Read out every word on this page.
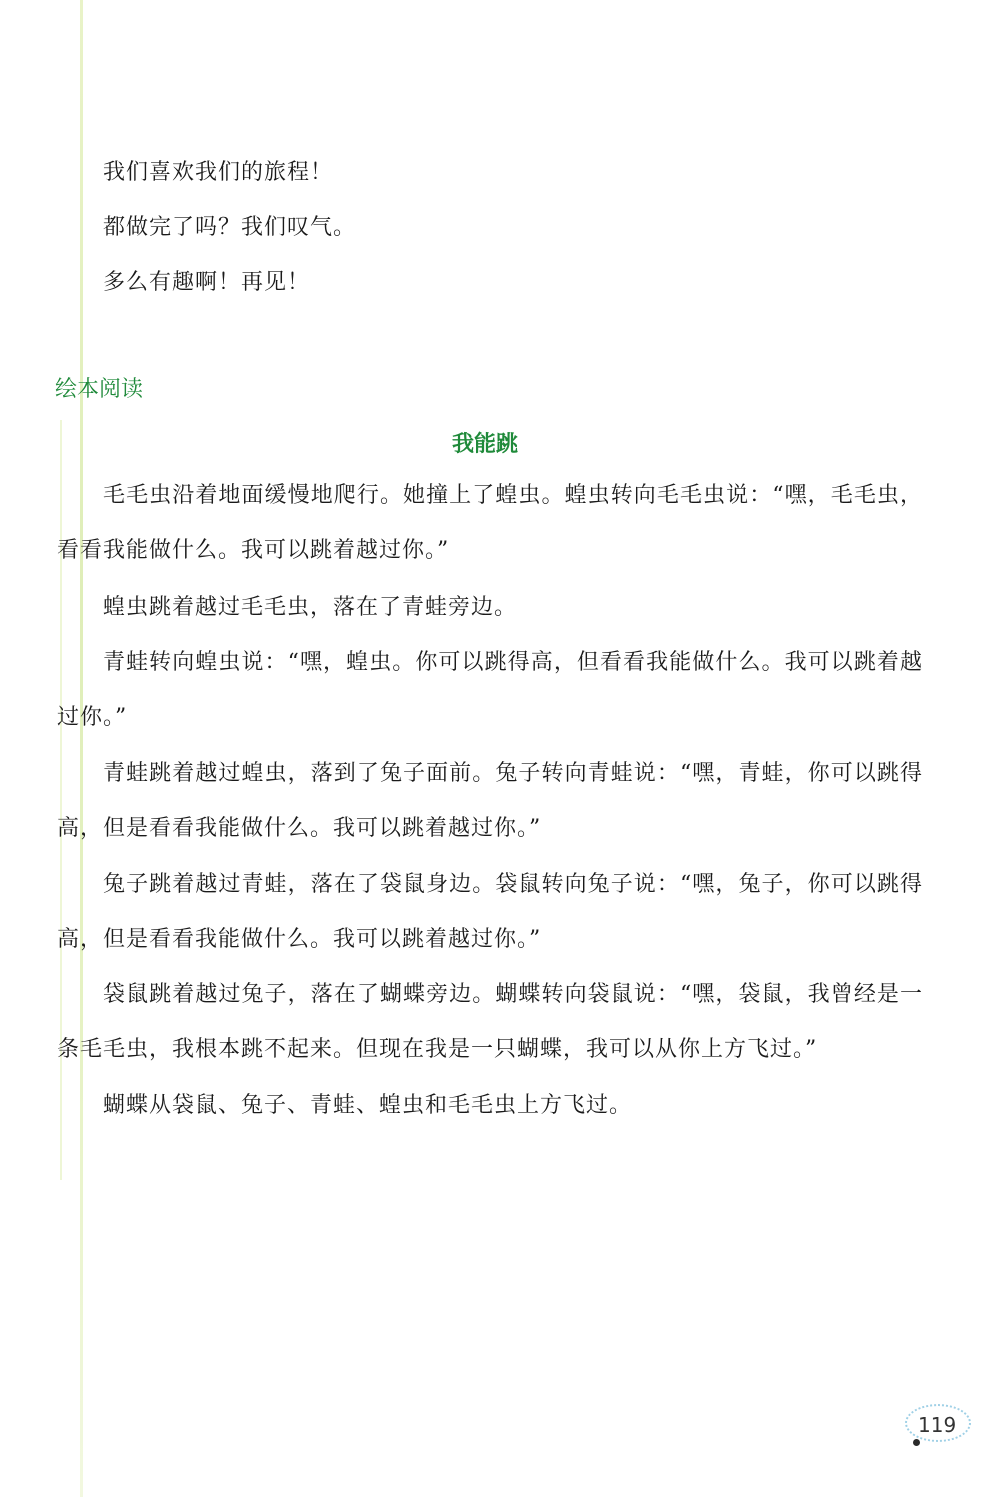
我们喜欢我们的旅程！
都做完了吗？我们叹气。
多么有趣啊！再见！
绘本阅读
我能跳

毛毛虫沿着地面缓慢地爬行。她撞上了蝗虫。蝗虫转向毛毛虫说：“嘿，毛毛虫，看看我能做什么。我可以跳着越过你。”

蝗虫跳着越过毛毛虫，落在了青蛙旁边。

青蛙转向蝗虫说：“嘿，蝗虫。你可以跳得高，但看看我能做什么。我可以跳着越过你。”

青蛙跳着越过蝗虫，落到了兔子面前。兔子转向青蛙说：“嘿，青蛙，你可以跳得高，但是看看我能做什么。我可以跳着越过你。”

兔子跳着越过青蛙，落在了袋鼠身边。袋鼠转向兔子说：“嘿，兔子，你可以跳得高，但是看看我能做什么。我可以跳着越过你。”

袋鼠跳着越过兔子，落在了蝴蝶旁边。蝴蝶转向袋鼠说：“嘿，袋鼠，我曾经是一条毛毛虫，我根本跳不起来。但现在我是一只蝴蝶，我可以从你上方飞过。”

蝴蝶从袋鼠、兔子、青蛙、蝗虫和毛毛虫上方飞过。

119
